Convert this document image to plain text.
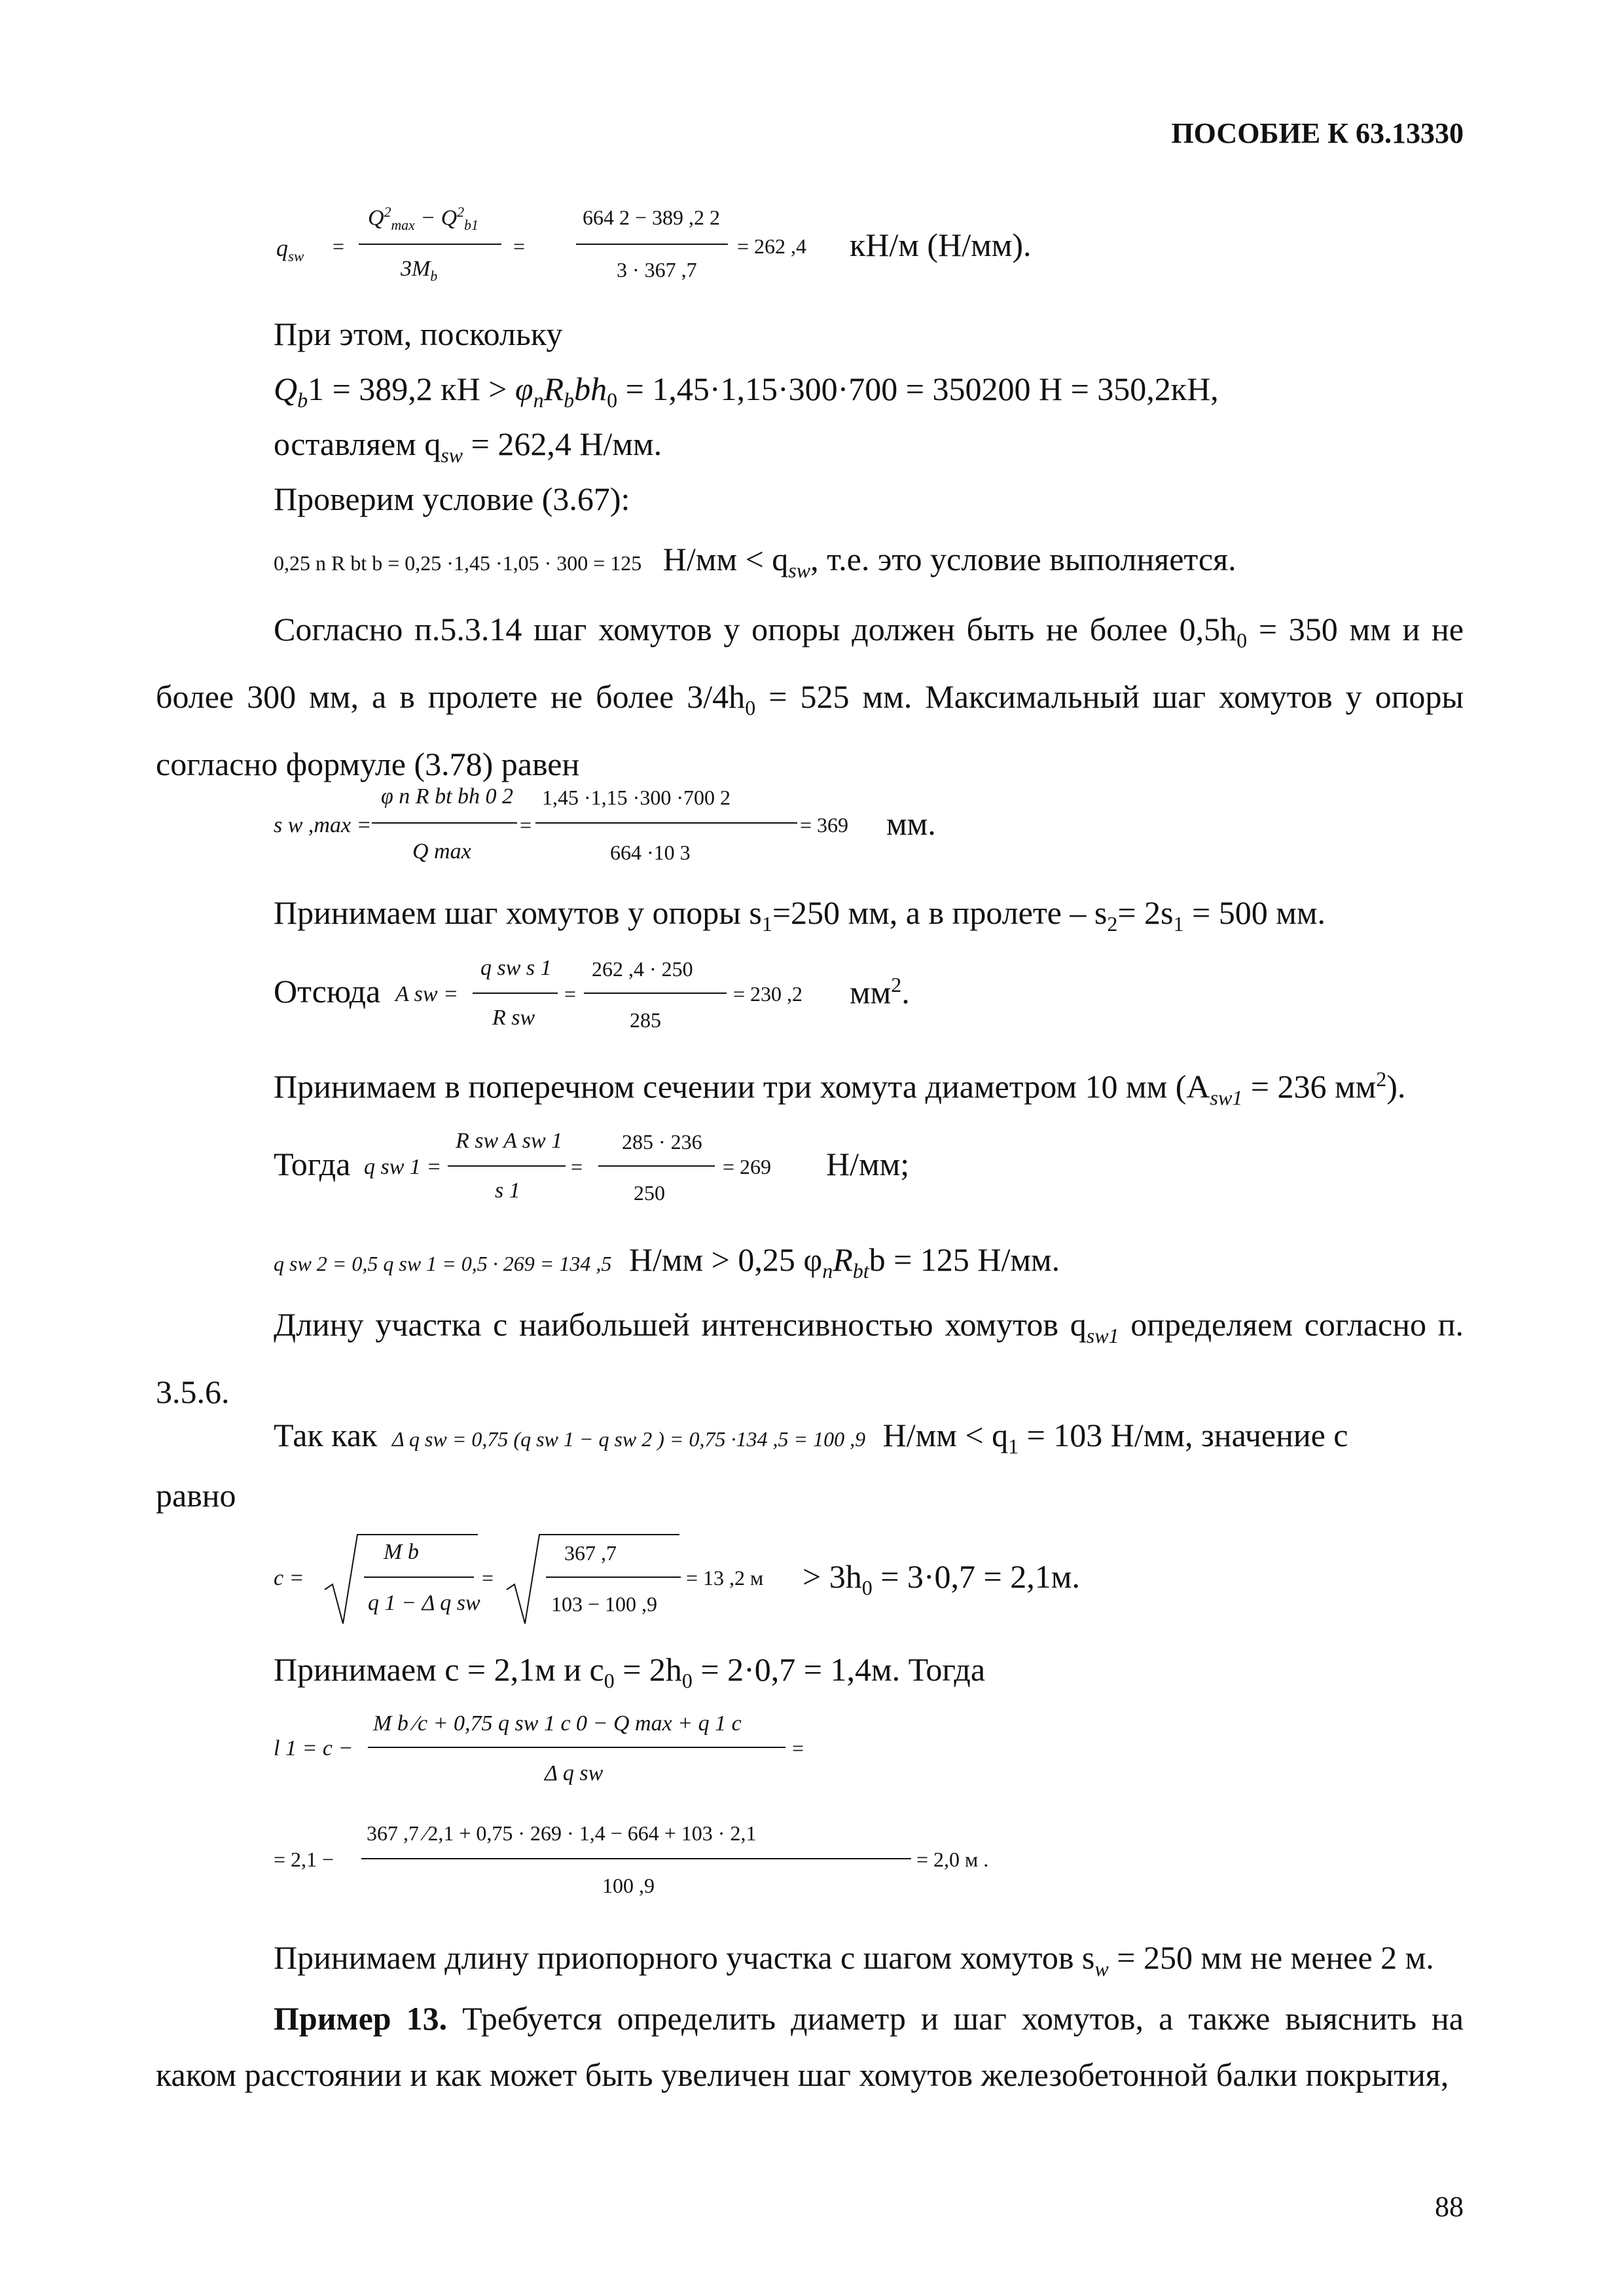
ПОСОБИЕ К 63.13330
$q_{sw}$ =
$Q^2_{max} - Q^2_{b1}$
$3M_b$
=
664 2 − 389 ,2 2
3 · 367 ,7
= 262 ,4 кН/м (Н/мм).
При этом, поскольку
$Q_b1 = 389,2$ кН > $\varphi_nR_bbh_0 = 1,45\cdot 1,15\cdot 300\cdot 700 = 350200$ Н = 350,2кН,
оставляем $q_{sw} = 262,4$ Н/мм.
Проверим условие (3.67):
0,25 n R bt b = 0,25 ·1,45 ·1,05 · 300 = 125 $Н/мм < q_{sw}$, т.е. это условие выполняется.
Согласно п.5.3.14 шаг хомутов у опоры должен быть не более $0,5h_0 = 350$ мм и не более 300 мм, а в пролете не более $3/4h_0 = 525$ мм. Максимальный шаг хомутов у опоры согласно формуле (3.78) равен
s w ,max =
φ n R bt bh 0 2
Q max
=
1,45 ·1,15 ·300 ·700 2
664 ·10 3
= 369 мм.
Принимаем шаг хомутов у опоры $s_1=250$ мм, а в пролете – $s_2= 2s_1 = 500$ мм.
Отсюда A sw =
q sw s 1
R sw
=
262 ,4 · 250
285
= 230 ,2 $мм^2$.
Принимаем в поперечном сечении три хомута диаметром 10 мм ($A_{sw1} = 236$ $мм^2$).
Тогда q sw 1 =
R sw A sw 1
s 1
=
285 · 236
250
= 269 Н/мм;
q sw 2 = 0,5 q sw 1 = 0,5 · 269 = 134 ,5 Н/мм > 0,25 $\varphi_nR_{bt}b = 125$ Н/мм.
Длину участка с наибольшей интенсивностью хомутов $q_{sw1}$ определяем согласно п. 3.5.6.
Так как Δ q sw = 0,75 (q sw 1 − q sw 2 ) = 0,75 ·134 ,5 = 100 ,9 $Н/мм < q_1 = 103$ Н/мм, значение c
равно
c =
M b
q 1 − Δ q sw
=
367 ,7
103 − 100 ,9
= 13 ,2 $м > 3h_0 = 3\cdot 0,7 = 2,1м$.
Принимаем c = 2,1м и $c_0 = 2h_0 = 2\cdot 0,7 = 1,4м$. Тогда
l 1 = c −
M b ⁄c + 0,75 q sw 1 c 0 − Q max + q 1 c
Δ q sw
=
= 2,1 −
367 ,7 ⁄2,1 + 0,75 · 269 · 1,4 − 664 + 103 · 2,1
100 ,9
= 2,0 м .
Принимаем длину приопорного участка с шагом хомутов $s_w = 250$ мм не менее 2 м.
Пример 13. Требуется определить диаметр и шаг хомутов, а также выяснить на каком расстоянии и как может быть увеличен шаг хомутов железобетонной балки покрытия,
88
